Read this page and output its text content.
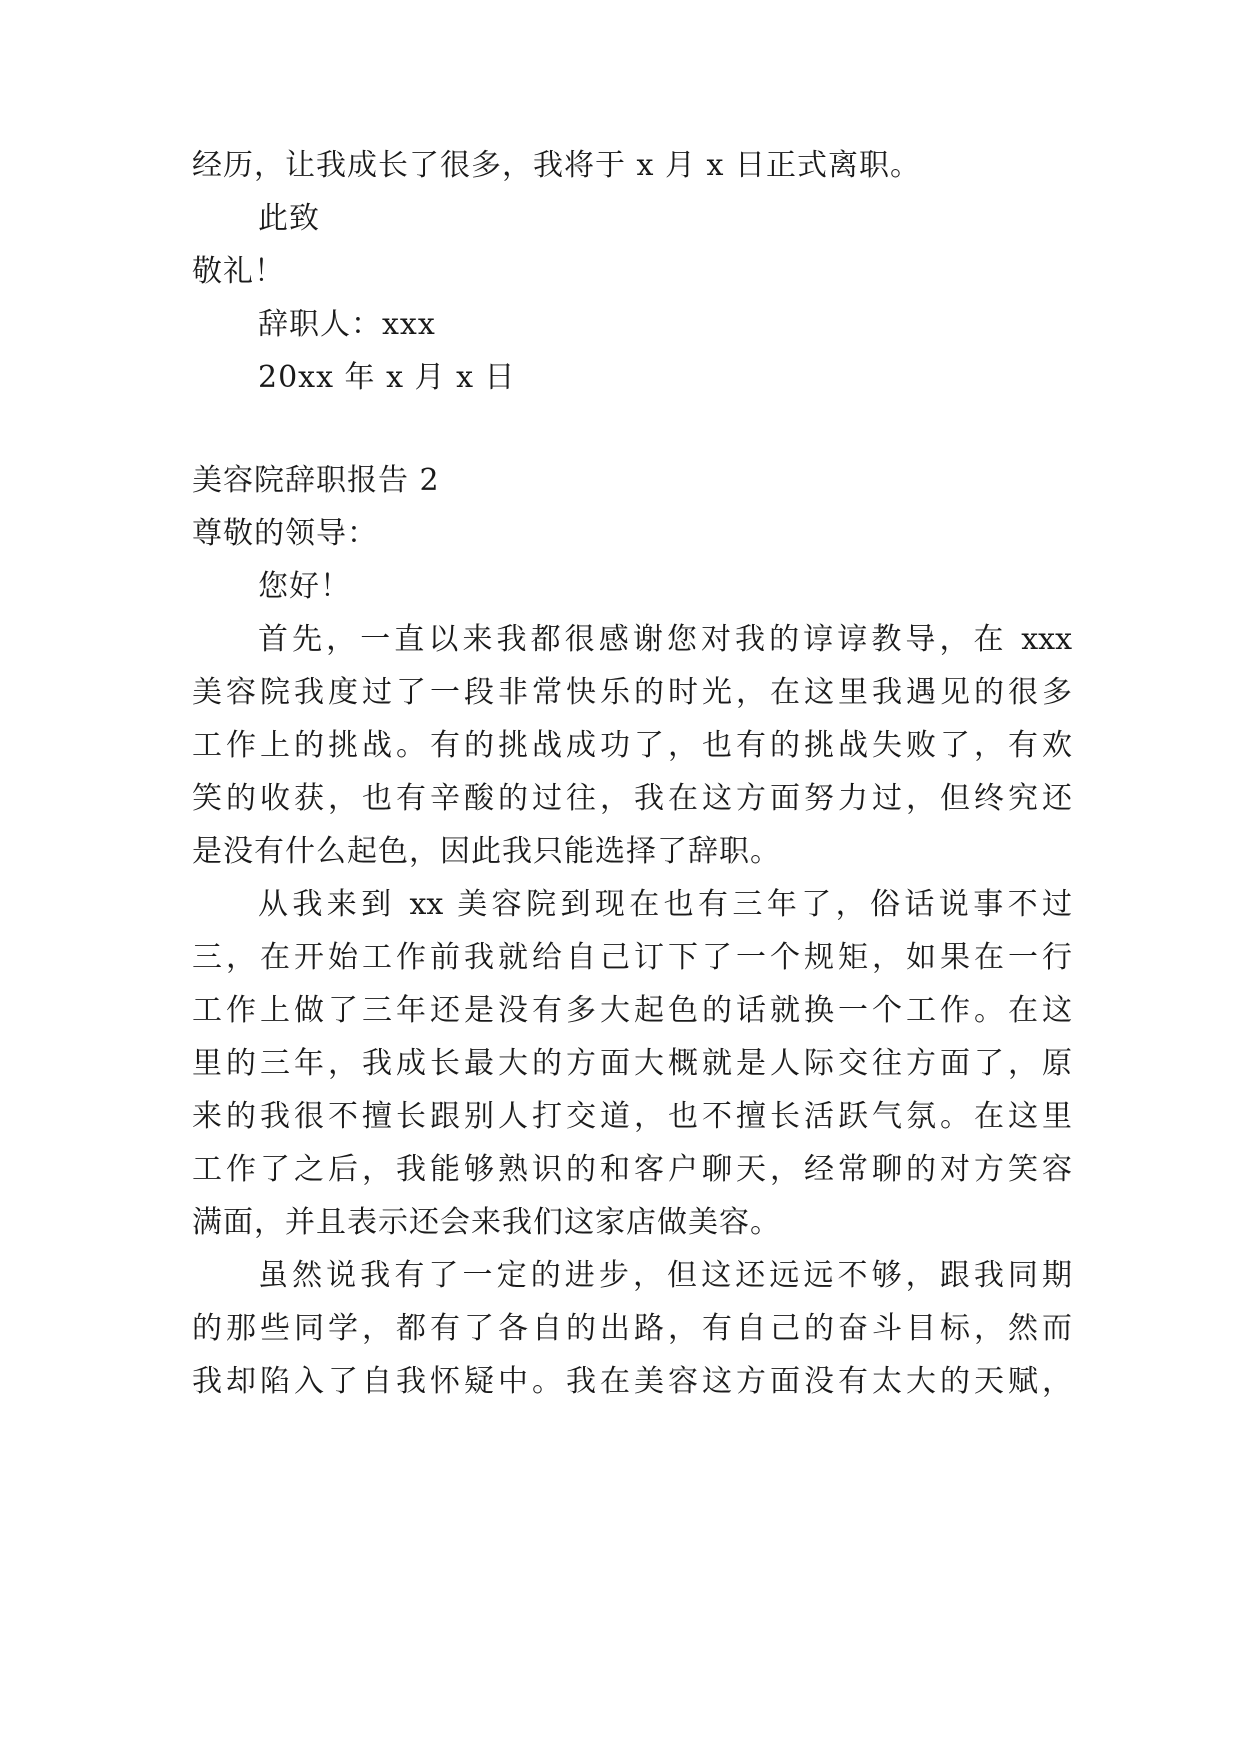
经历，让我成长了很多，我将于 x 月 x 日正式离职。
此致
敬礼！
辞职人：xxx
20xx 年 x 月 x 日
美容院辞职报告 2
尊敬的领导：
您好！
首先，一直以来我都很感谢您对我的谆谆教导，在 xxx
美容院我度过了一段非常快乐的时光，在这里我遇见的很多
工作上的挑战。有的挑战成功了，也有的挑战失败了，有欢
笑的收获，也有辛酸的过往，我在这方面努力过，但终究还
是没有什么起色，因此我只能选择了辞职。
从我来到 xx 美容院到现在也有三年了，俗话说事不过
三，在开始工作前我就给自己订下了一个规矩，如果在一行
工作上做了三年还是没有多大起色的话就换一个工作。在这
里的三年，我成长最大的方面大概就是人际交往方面了，原
来的我很不擅长跟别人打交道，也不擅长活跃气氛。在这里
工作了之后，我能够熟识的和客户聊天，经常聊的对方笑容
满面，并且表示还会来我们这家店做美容。
虽然说我有了一定的进步，但这还远远不够，跟我同期
的那些同学，都有了各自的出路，有自己的奋斗目标，然而
我却陷入了自我怀疑中。我在美容这方面没有太大的天赋，
